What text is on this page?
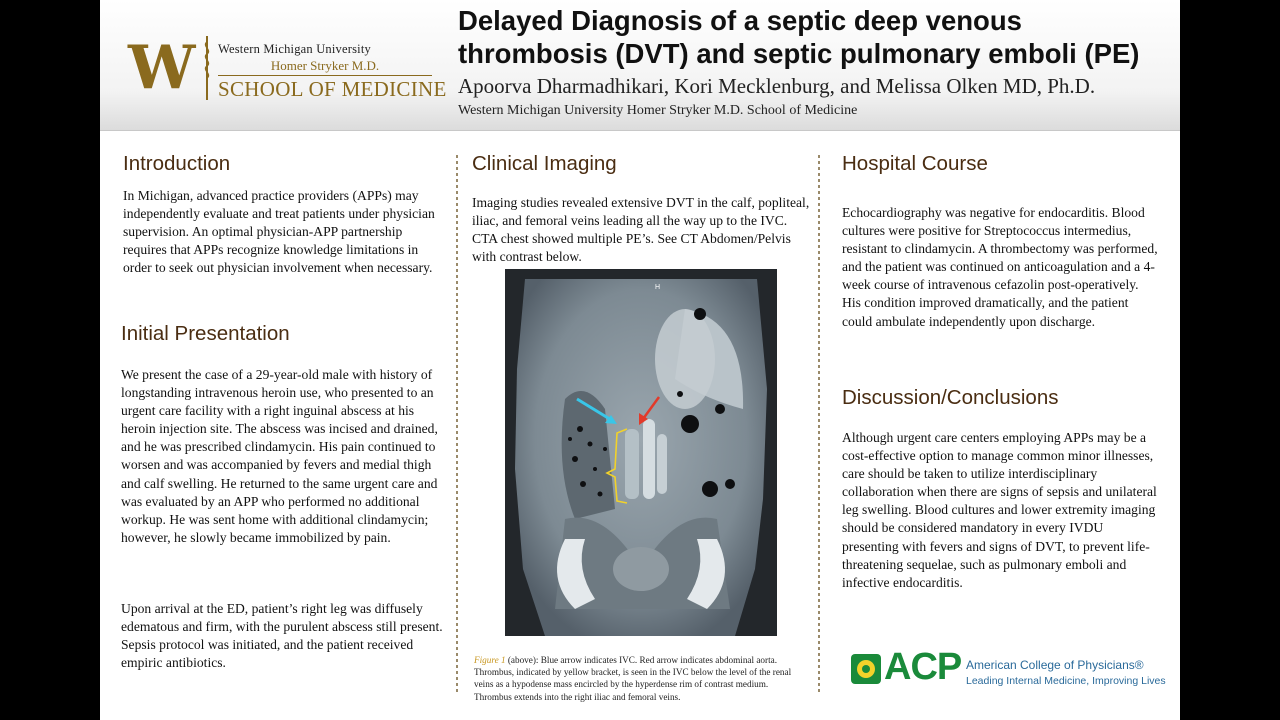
W Western Michigan University
Homer Stryker M.D.
SCHOOL OF MEDICINE
Delayed Diagnosis of a septic deep venous thrombosis (DVT) and septic pulmonary emboli (PE)
Apoorva Dharmadhikari, Kori Mecklenburg, and Melissa Olken MD, Ph.D.
Western Michigan University Homer Stryker M.D. School of Medicine
Introduction

In Michigan, advanced practice providers (APPs) may independently evaluate and treat patients under physician supervision. An optimal physician-APP partnership requires that APPs recognize knowledge limitations in order to seek out physician involvement when necessary.

Initial Presentation

We present the case of a 29-year-old male with history of longstanding intravenous heroin use, who presented to an urgent care facility with a right inguinal abscess at his heroin injection site. The abscess was incised and drained, and he was prescribed clindamycin. His pain continued to worsen and was accompanied by fevers and medial thigh and calf swelling. He returned to the same urgent care and was evaluated by an APP who performed no additional workup. He was sent home with additional clindamycin; however, he slowly became immobilized by pain.

Upon arrival at the ED, patient’s right leg was diffusely edematous and firm, with the purulent abscess still present. Sepsis protocol was initiated, and the patient received empiric antibiotics.

Clinical Imaging

Imaging studies revealed extensive DVT in the calf, popliteal, iliac, and femoral veins leading all the way up to the IVC. CTA chest showed multiple PE’s. See CT Abdomen/Pelvis with contrast below.

H

Figure 1 (above): Blue arrow indicates IVC. Red arrow indicates abdominal aorta. Thrombus, indicated by yellow bracket, is seen in the IVC below the level of the renal veins as a hypodense mass encircled by the hyperdense rim of contrast medium. Thrombus extends into the right iliac and femoral veins.

Hospital Course

Echocardiography was negative for endocarditis. Blood cultures were positive for Streptococcus intermedius, resistant to clindamycin. A thrombectomy was performed, and the patient was continued on anticoagulation and a 4-week course of intravenous cefazolin post-operatively. His condition improved dramatically, and the patient could ambulate independently upon discharge.

Discussion/Conclusions

Although urgent care centers employing APPs may be a cost-effective option to manage common minor illnesses, care should be taken to utilize interdisciplinary collaboration when there are signs of sepsis and unilateral leg swelling. Blood cultures and lower extremity imaging should be considered mandatory in every IVDU presenting with fevers and signs of DVT, to prevent life-threatening sequelae, such as pulmonary emboli and infective endocarditis.

ACP American College of Physicians®
Leading Internal Medicine, Improving Lives
